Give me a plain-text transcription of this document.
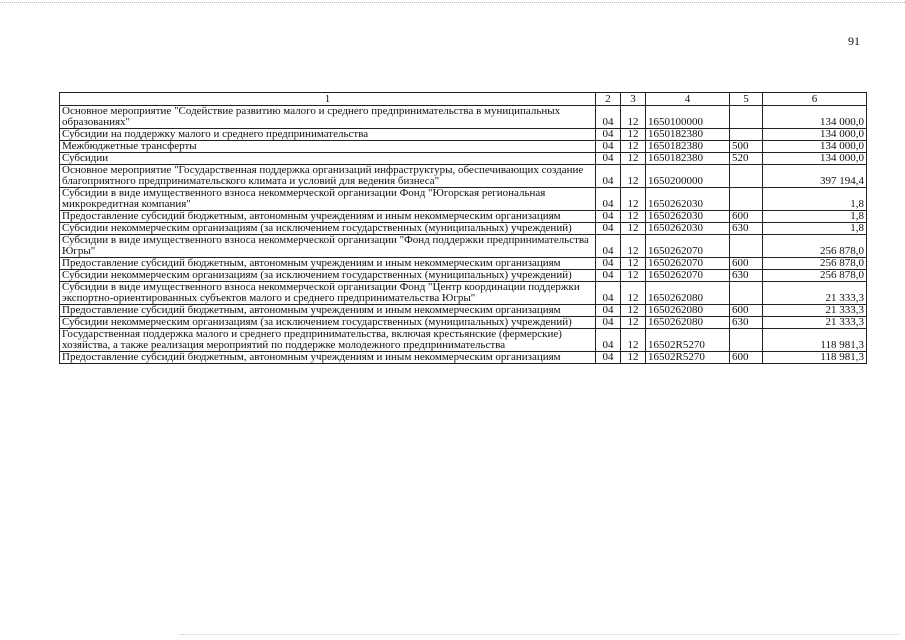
91
1	2	3	4	5	6
Основное мероприятие "Содействие развитию малого и среднего предпринимательства в муниципальных образованиях"	04	12	1650100000		134 000,0
Субсидии на поддержку малого и среднего предпринимательства	04	12	1650182380		134 000,0
Межбюджетные трансферты	04	12	1650182380	500	134 000,0
Субсидии	04	12	1650182380	520	134 000,0
Основное мероприятие "Государственная поддержка организаций инфраструктуры, обеспечивающих создание благоприятного предпринимательского климата и условий для ведения бизнеса"	04	12	1650200000		397 194,4
Субсидии в виде имущественного взноса некоммерческой организации Фонд "Югорская региональная микрокредитная компания"	04	12	1650262030		1,8
Предоставление субсидий бюджетным, автономным учреждениям и иным некоммерческим организациям	04	12	1650262030	600	1,8
Субсидии некоммерческим организациям (за исключением государственных (муниципальных) учреждений)	04	12	1650262030	630	1,8
Субсидии в виде имущественного взноса некоммерческой организации "Фонд поддержки предпринимательства Югры"	04	12	1650262070		256 878,0
Предоставление субсидий бюджетным, автономным учреждениям и иным некоммерческим организациям	04	12	1650262070	600	256 878,0
Субсидии некоммерческим организациям (за исключением государственных (муниципальных) учреждений)	04	12	1650262070	630	256 878,0
Субсидии в виде имущественного взноса некоммерческой организации Фонд "Центр координации поддержки экспортно-ориентированных субъектов малого и среднего предпринимательства Югры"	04	12	1650262080		21 333,3
Предоставление субсидий бюджетным, автономным учреждениям и иным некоммерческим организациям	04	12	1650262080	600	21 333,3
Субсидии некоммерческим организациям (за исключением государственных (муниципальных) учреждений)	04	12	1650262080	630	21 333,3
Государственная поддержка малого и среднего предпринимательства, включая крестьянские (фермерские) хозяйства, а также реализация мероприятий по поддержке молодежного предпринимательства	04	12	16502R5270		118 981,3
Предоставление субсидий бюджетным, автономным учреждениям и иным некоммерческим организациям	04	12	16502R5270	600	118 981,3
